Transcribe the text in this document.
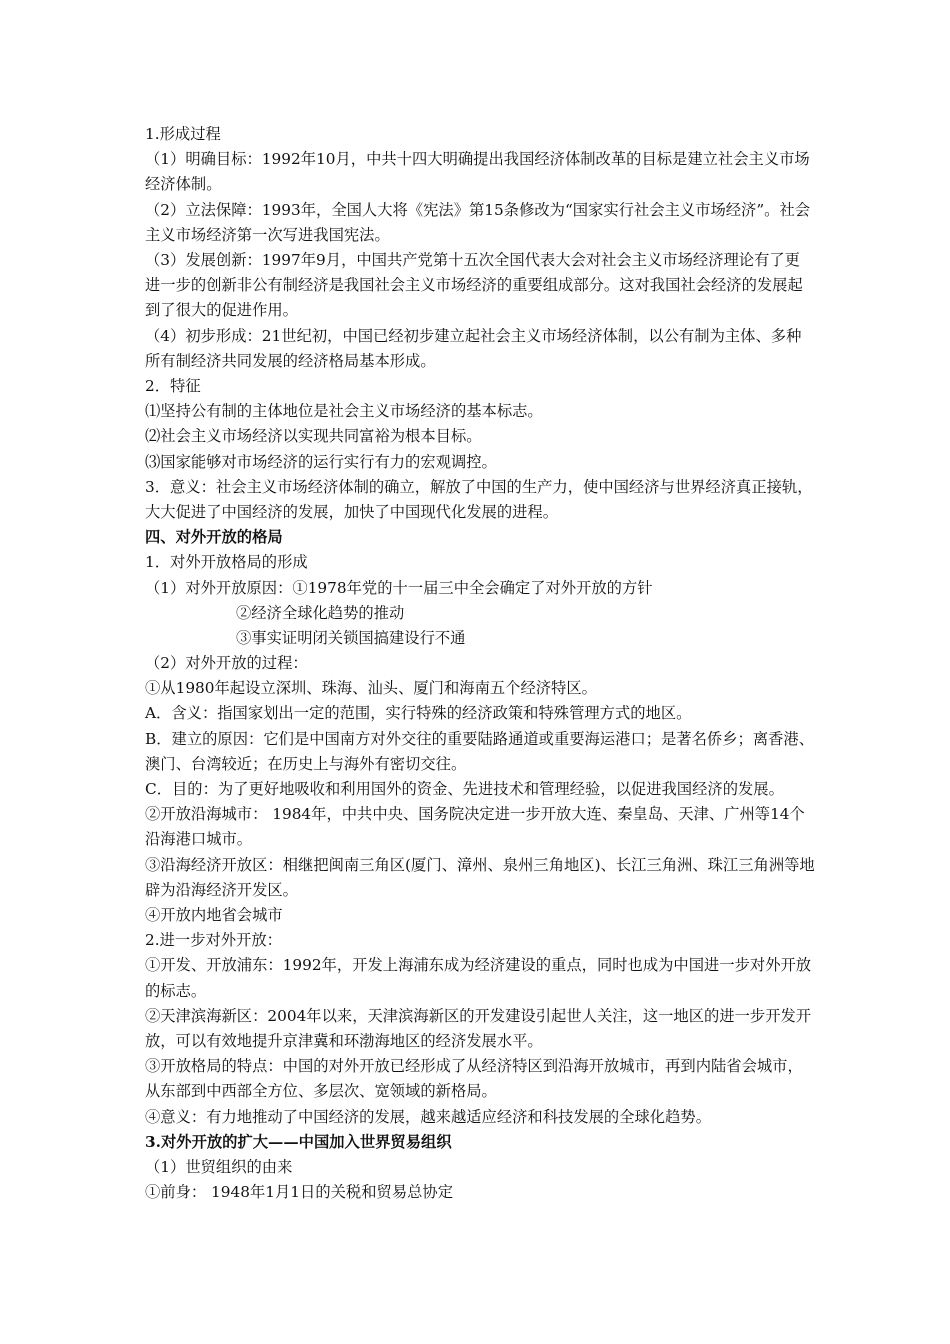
1.形成过程
（1）明确目标：1992年10月，中共十四大明确提出我国经济体制改革的目标是建立社会主义市场经济体制。
（2）立法保障：1993年，全国人大将《宪法》第15条修改为“国家实行社会主义市场经济”。社会主义市场经济第一次写进我国宪法。
（3）发展创新：1997年9月，中国共产党第十五次全国代表大会对社会主义市场经济理论有了更进一步的创新非公有制经济是我国社会主义市场经济的重要组成部分。这对我国社会经济的发展起到了很大的促进作用。
（4）初步形成：21世纪初，中国已经初步建立起社会主义市场经济体制，以公有制为主体、多种所有制经济共同发展的经济格局基本形成。
2．特征
⑴坚持公有制的主体地位是社会主义市场经济的基本标志。
⑵社会主义市场经济以实现共同富裕为根本目标。
⑶国家能够对市场经济的运行实行有力的宏观调控。
3．意义：社会主义市场经济体制的确立，解放了中国的生产力，使中国经济与世界经济真正接轨，大大促进了中国经济的发展，加快了中国现代化发展的进程。
四、对外开放的格局
1．对外开放格局的形成
（1）对外开放原因：①1978年党的十一届三中全会确定了对外开放的方针
②经济全球化趋势的推动
③事实证明闭关锁国搞建设行不通
（2）对外开放的过程：
①从1980年起设立深圳、珠海、汕头、厦门和海南五个经济特区。
A．含义：指国家划出一定的范围，实行特殊的经济政策和特殊管理方式的地区。
B．建立的原因：它们是中国南方对外交往的重要陆路通道或重要海运港口；是著名侨乡；离香港、澳门、台湾较近；在历史上与海外有密切交往。
C．目的：为了更好地吸收和利用国外的资金、先进技术和管理经验，以促进我国经济的发展。
②开放沿海城市： 1984年，中共中央、国务院决定进一步开放大连、秦皇岛、天津、广州等14个沿海港口城市。
③沿海经济开放区：相继把闽南三角区(厦门、漳州、泉州三角地区)、长江三角洲、珠江三角洲等地辟为沿海经济开发区。
④开放内地省会城市
2.进一步对外开放：
①开发、开放浦东：1992年，开发上海浦东成为经济建设的重点，同时也成为中国进一步对外开放的标志。
②天津滨海新区：2004年以来，天津滨海新区的开发建设引起世人关注，这一地区的进一步开发开放，可以有效地提升京津冀和环渤海地区的经济发展水平。
③开放格局的特点：中国的对外开放已经形成了从经济特区到沿海开放城市，再到内陆省会城市，从东部到中西部全方位、多层次、宽领域的新格局。
④意义：有力地推动了中国经济的发展，越来越适应经济和科技发展的全球化趋势。
3.对外开放的扩大——中国加入世界贸易组织
（1）世贸组织的由来
①前身： 1948年1月1日的关税和贸易总协定
